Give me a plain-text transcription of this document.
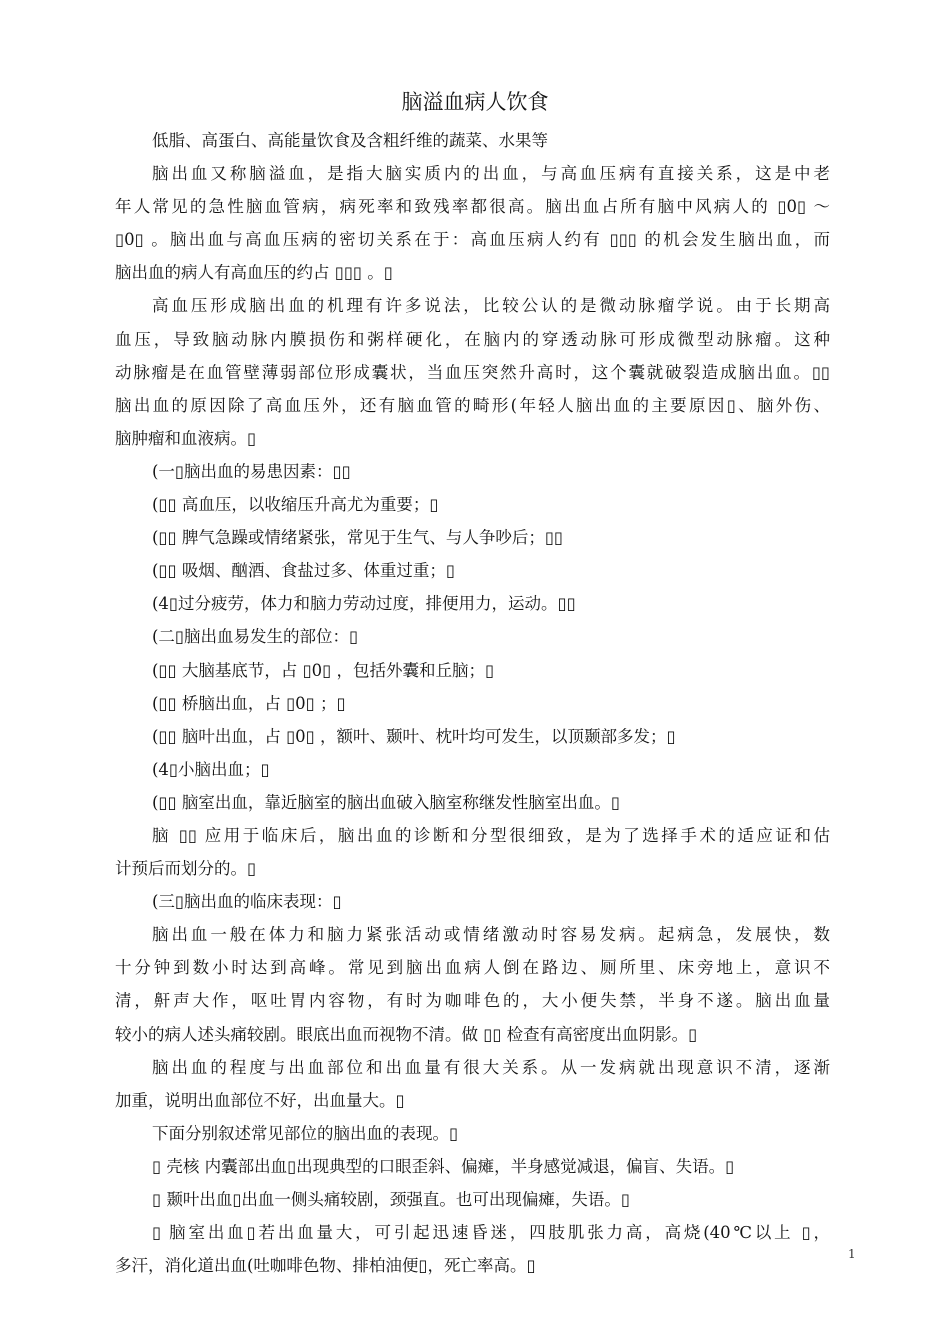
脑溢血病人饮食
低脂、高蛋白、高能量饮食及含粗纤维的蔬菜、水果等
脑出血又称脑溢血，是指大脑实质内的出血，与高血压病有直接关系，这是中老
年人常见的急性脑血管病，病死率和致残率都很高。脑出血占所有脑中风病人的 ▯0▯ ～
▯0▯ 。脑出血与高血压病的密切关系在于：高血压病人约有 ▯▯▯ 的机会发生脑出血，而
脑出血的病人有高血压的约占 ▯▯▯ 。▯
高血压形成脑出血的机理有许多说法，比较公认的是微动脉瘤学说。由于长期高
血压，导致脑动脉内膜损伤和粥样硬化，在脑内的穿透动脉可形成微型动脉瘤。这种
动脉瘤是在血管壁薄弱部位形成囊状，当血压突然升高时，这个囊就破裂造成脑出血。▯▯
脑出血的原因除了高血压外，还有脑血管的畸形(年轻人脑出血的主要原因▯、脑外伤、
脑肿瘤和血液病。▯
(一▯脑出血的易患因素：▯▯
(▯▯ 高血压，以收缩压升高尤为重要；▯
(▯▯ 脾气急躁或情绪紧张，常见于生气、与人争吵后；▯▯
(▯▯ 吸烟、酗酒、食盐过多、体重过重；▯
(4▯过分疲劳，体力和脑力劳动过度，排便用力，运动。▯▯
(二▯脑出血易发生的部位：▯
(▯▯ 大脑基底节，占 ▯0▯ ，包括外囊和丘脑；▯
(▯▯ 桥脑出血，占 ▯0▯ ；▯
(▯▯ 脑叶出血，占 ▯0▯ ，额叶、颞叶、枕叶均可发生，以顶颞部多发；▯
(4▯小脑出血；▯
(▯▯ 脑室出血，靠近脑室的脑出血破入脑室称继发性脑室出血。▯
脑 ▯▯ 应用于临床后，脑出血的诊断和分型很细致，是为了选择手术的适应证和估
计预后而划分的。▯
(三▯脑出血的临床表现：▯
脑出血一般在体力和脑力紧张活动或情绪激动时容易发病。起病急，发展快，数
十分钟到数小时达到高峰。常见到脑出血病人倒在路边、厕所里、床旁地上，意识不
清，鼾声大作，呕吐胃内容物，有时为咖啡色的，大小便失禁，半身不遂。脑出血量
较小的病人述头痛较剧。眼底出血而视物不清。做 ▯▯ 检查有高密度出血阴影。▯
脑出血的程度与出血部位和出血量有很大关系。从一发病就出现意识不清，逐渐
加重，说明出血部位不好，出血量大。▯
下面分别叙述常见部位的脑出血的表现。▯
▯ 壳核 内囊部出血▯出现典型的口眼歪斜、偏瘫，半身感觉减退，偏盲、失语。▯
▯ 颞叶出血▯出血一侧头痛较剧，颈强直。也可出现偏瘫，失语。▯
▯ 脑室出血▯若出血量大，可引起迅速昏迷，四肢肌张力高，高烧(40℃以上 ▯，
多汗，消化道出血(吐咖啡色物、排柏油便▯，死亡率高。▯
1
